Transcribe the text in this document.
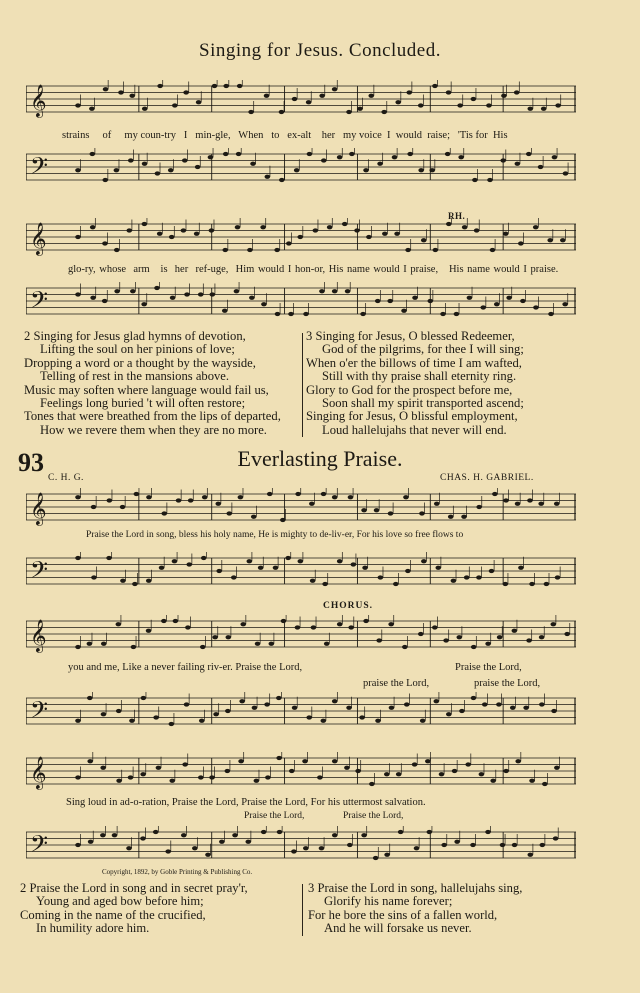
Singing for Jesus. Concluded.
𝄞
strains of my coun-try I min-gle, When to ex-alt her my voice I would raise; 'Tis for His
𝄢
RH.
𝄞
glo-ry, whose arm is her ref-uge, Him would I hon-or, His name would I praise, His name would I praise.
𝄢
2 Singing for Jesus glad hymns of devotion,
Lifting the soul on her pinions of love;
Dropping a word or a thought by the wayside,
Telling of rest in the mansions above.
Music may soften where language would fail us,
Feelings long buried 't will often restore;
Tones that were breathed from the lips of departed,
How we revere them when they are no more.
3 Singing for Jesus, O blessed Redeemer,
God of the pilgrims, for thee I will sing;
When o'er the billows of time I am wafted,
Still with thy praise shall eternity ring.
Glory to God for the prospect before me,
Soon shall my spirit transported ascend;
Singing for Jesus, O blissful employment,
Loud hallelujahs that never will end.
93	Everlasting Praise.
C. H. G.	CHAS. H. GABRIEL.
𝄞
Praise the Lord in song, bless his holy name, He is mighty to de-liv-er, For his love so free flows to
𝄢
CHORUS.
𝄞
you and me, Like a never failing riv-er. Praise the Lord,	Praise the Lord,
praise the Lord,	praise the Lord,
𝄢
𝄞
Sing loud in ad-o-ration, Praise the Lord, Praise the Lord, For his uttermost salvation.
Praise the Lord,	Praise the Lord,
𝄢
Copyright, 1892, by Goble Printing & Publishing Co.
2 Praise the Lord in song and in secret pray'r,
Young and aged bow before him;
Coming in the name of the crucified,
In humility adore him.
3 Praise the Lord in song, hallelujahs sing,
Glorify his name forever;
For he bore the sins of a fallen world,
And he will forsake us never.
